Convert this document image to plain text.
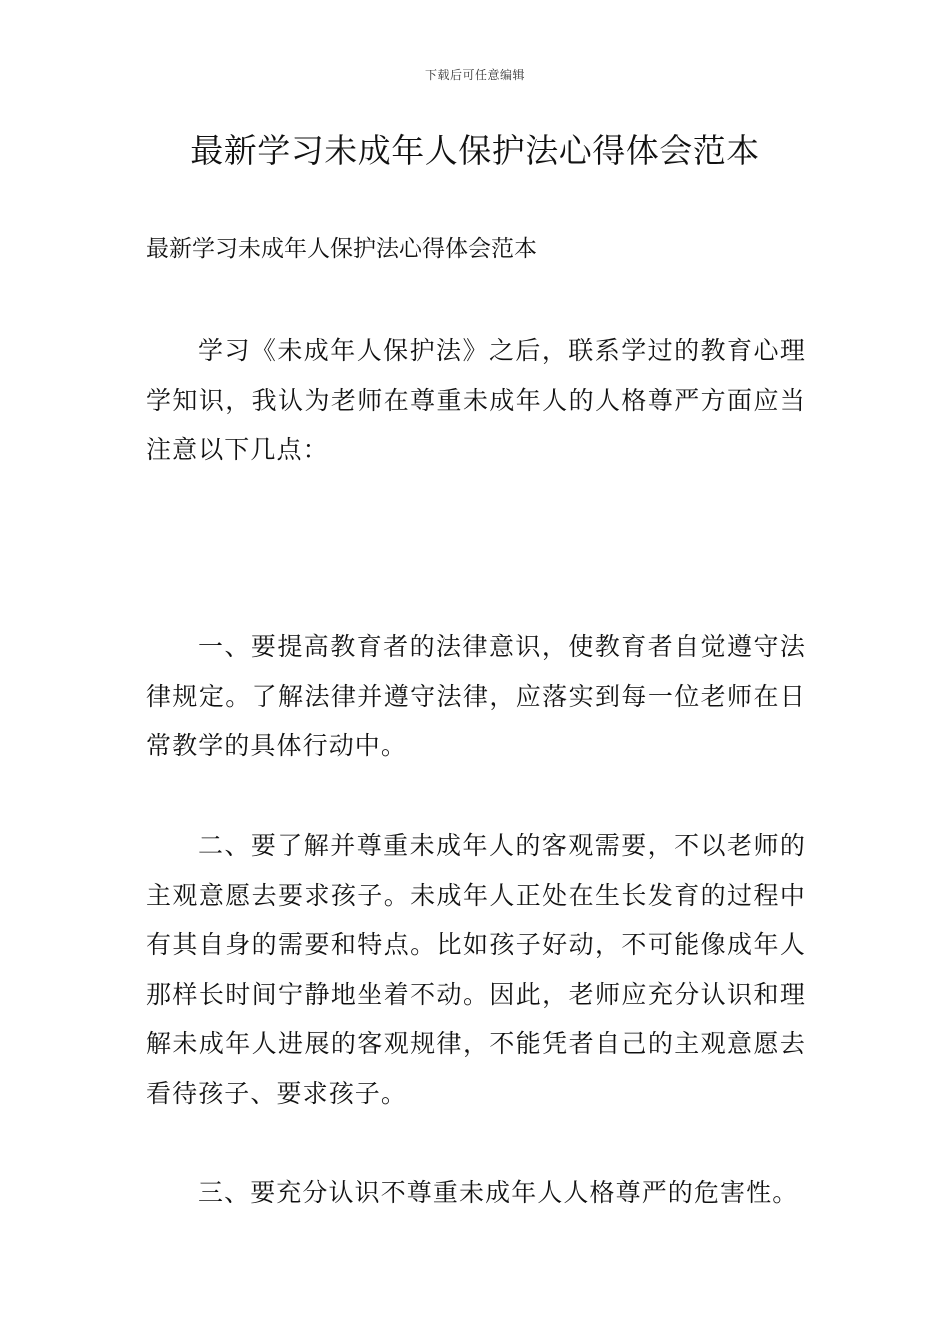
下载后可任意编辑
最新学习未成年人保护法心得体会范本

最新学习未成年人保护法心得体会范本

学习《未成年人保护法》之后，联系学过的教育心理学知识，我认为老师在尊重未成年人的人格尊严方面应当注意以下几点：

一、要提高教育者的法律意识，使教育者自觉遵守法律规定。了解法律并遵守法律，应落实到每一位老师在日常教学的具体行动中。

二、要了解并尊重未成年人的客观需要，不以老师的主观意愿去要求孩子。未成年人正处在生长发育的过程中有其自身的需要和特点。比如孩子好动，不可能像成年人那样长时间宁静地坐着不动。因此，老师应充分认识和理解未成年人进展的客观规律，不能凭者自己的主观意愿去看待孩子、要求孩子。

三、要充分认识不尊重未成年人人格尊严的危害性。
